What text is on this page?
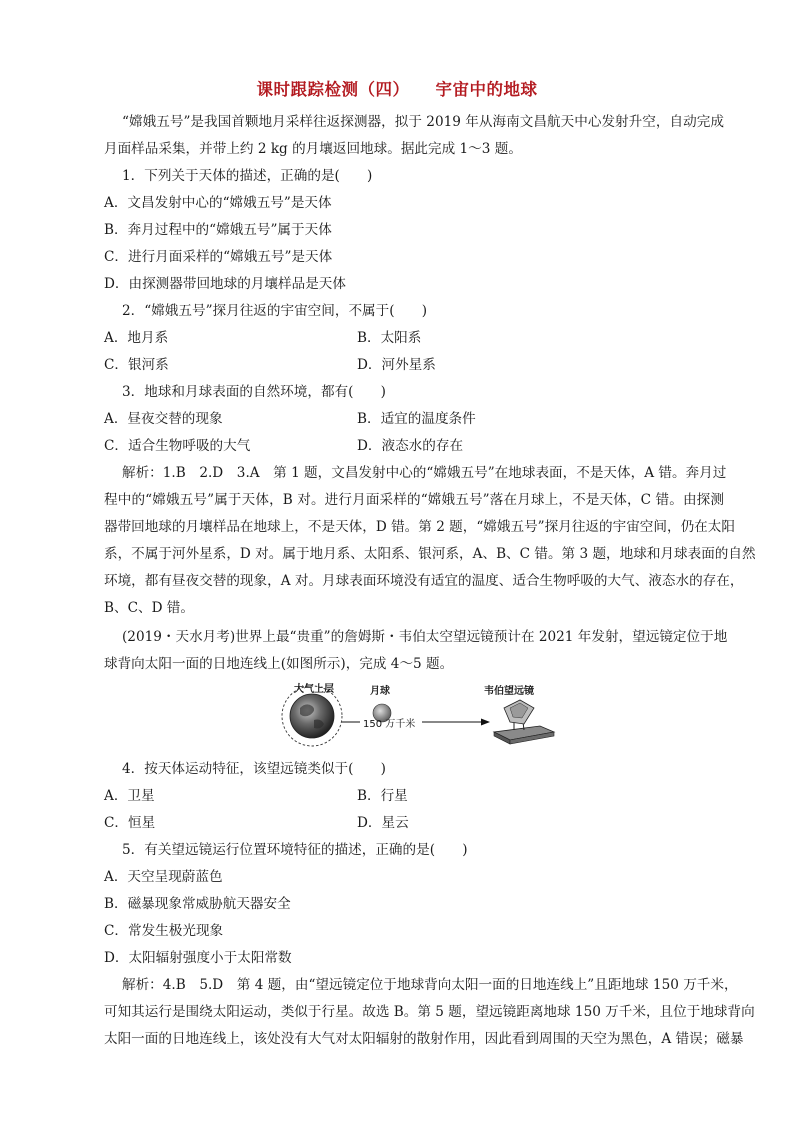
课时跟踪检测（四） 宇宙中的地球
“嫦娥五号”是我国首颗地月采样往返探测器，拟于 2019 年从海南文昌航天中心发射升空，自动完成
月面样品采集，并带上约 2 kg 的月壤返回地球。据此完成 1～3 题。
1．下列关于天体的描述，正确的是(　　)
A．文昌发射中心的“嫦娥五号”是天体
B．奔月过程中的“嫦娥五号”属于天体
C．进行月面采样的“嫦娥五号”是天体
D．由探测器带回地球的月壤样品是天体
2．“嫦娥五号”探月往返的宇宙空间，不属于(　　)
A．地月系	B．太阳系
C．银河系	D．河外星系
3．地球和月球表面的自然环境，都有(　　)
A．昼夜交替的现象	B．适宜的温度条件
C．适合生物呼吸的大气	D．液态水的存在
解析：1.B　2.D　3.A　第 1 题，文昌发射中心的“嫦娥五号”在地球表面，不是天体，A 错。奔月过
程中的“嫦娥五号”属于天体，B 对。进行月面采样的“嫦娥五号”落在月球上，不是天体，C 错。由探测
器带回地球的月壤样品在地球上，不是天体，D 错。第 2 题，“嫦娥五号”探月往返的宇宙空间，仍在太阳
系，不属于河外星系，D 对。属于地月系、太阳系、银河系，A、B、C 错。第 3 题，地球和月球表面的自然
环境，都有昼夜交替的现象，A 对。月球表面环境没有适宜的温度、适合生物呼吸的大气、液态水的存在，
B、C、D 错。
(2019・天水月考)世界上最“贵重”的詹姆斯・韦伯太空望远镜预计在 2021 年发射，望远镜定位于地
球背向太阳一面的日地连线上(如图所示)，完成 4～5 题。
大气上层	月球
150 万千米
韦伯望远镜
4．按天体运动特征，该望远镜类似于(　　)
A．卫星	B．行星
C．恒星	D．星云
5．有关望远镜运行位置环境特征的描述，正确的是(　　)
A．天空呈现蔚蓝色
B．磁暴现象常威胁航天器安全
C．常发生极光现象
D．太阳辐射强度小于太阳常数
解析：4.B　5.D　第 4 题，由“望远镜定位于地球背向太阳一面的日地连线上”且距地球 150 万千米，
可知其运行是围绕太阳运动，类似于行星。故选 B。第 5 题，望远镜距离地球 150 万千米，且位于地球背向
太阳一面的日地连线上，该处没有大气对太阳辐射的散射作用，因此看到周围的天空为黑色，A 错误；磁暴
